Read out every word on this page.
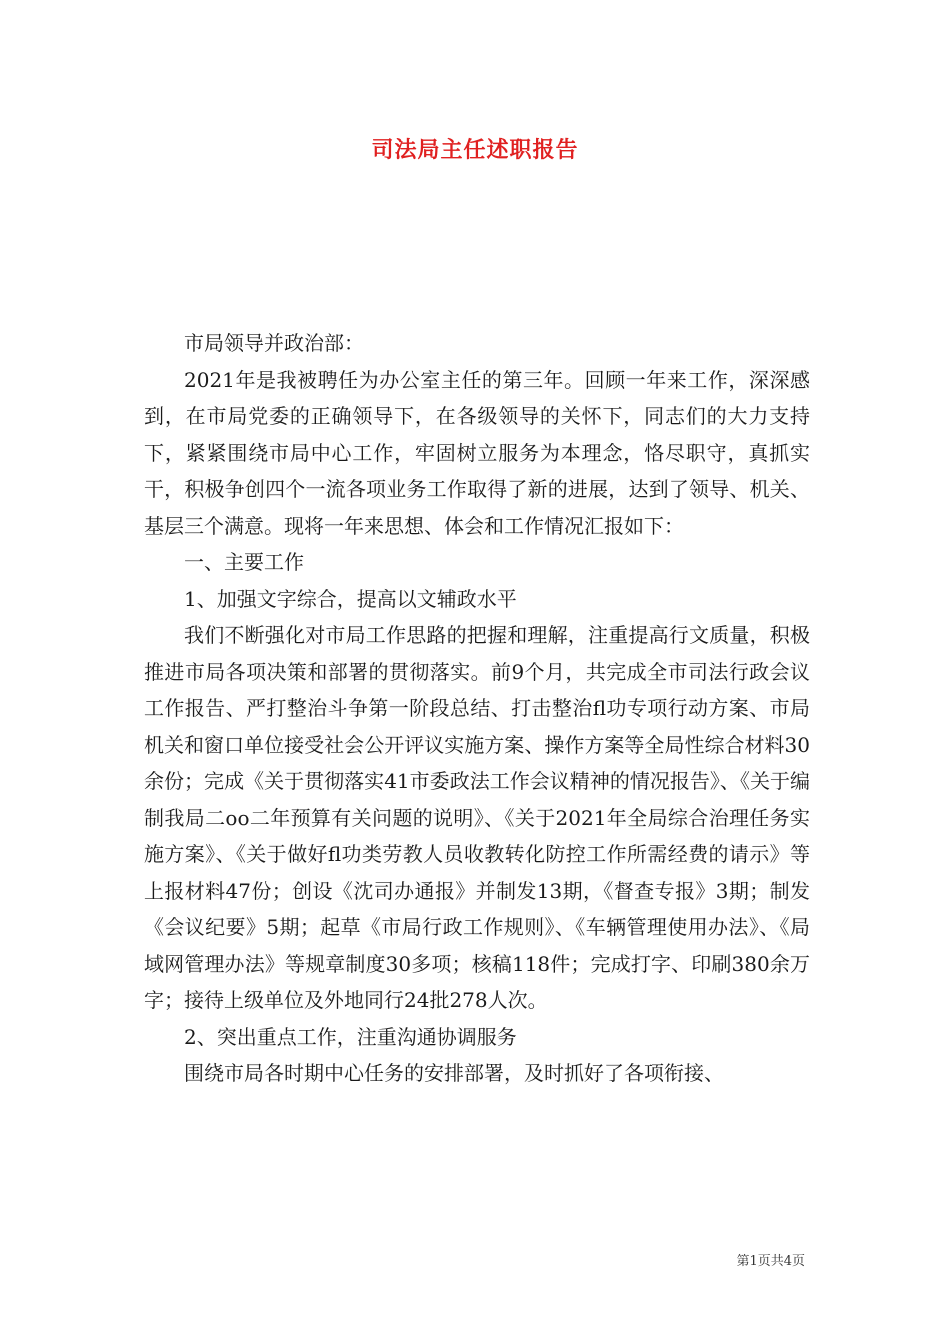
司法局主任述职报告

市局领导并政治部：

2021年是我被聘任为办公室主任的第三年。回顾一年来工作，深深感到，在市局党委的正确领导下，在各级领导的关怀下，同志们的大力支持下，紧紧围绕市局中心工作，牢固树立服务为本理念，恪尽职守，真抓实干，积极争创四个一流各项业务工作取得了新的进展，达到了领导、机关、基层三个满意。现将一年来思想、体会和工作情况汇报如下：

一、主要工作

1、加强文字综合，提高以文辅政水平

我们不断强化对市局工作思路的把握和理解，注重提高行文质量，积极推进市局各项决策和部署的贯彻落实。前9个月，共完成全市司法行政会议工作报告、严打整治斗争第一阶段总结、打击整治fl功专项行动方案、市局机关和窗口单位接受社会公开评议实施方案、操作方案等全局性综合材料30余份；完成《关于贯彻落实41市委政法工作会议精神的情况报告》、《关于编制我局二oo二年预算有关问题的说明》、《关于2021年全局综合治理任务实施方案》、《关于做好fl功类劳教人员收教转化防控工作所需经费的请示》等上报材料47份；创设《沈司办通报》并制发13期，《督查专报》3期；制发《会议纪要》5期；起草《市局行政工作规则》、《车辆管理使用办法》、《局域网管理办法》等规章制度30多项；核稿118件；完成打字、印刷380余万字；接待上级单位及外地同行24批278人次。

2、突出重点工作，注重沟通协调服务

围绕市局各时期中心任务的安排部署，及时抓好了各项衔接、

第1页共4页
